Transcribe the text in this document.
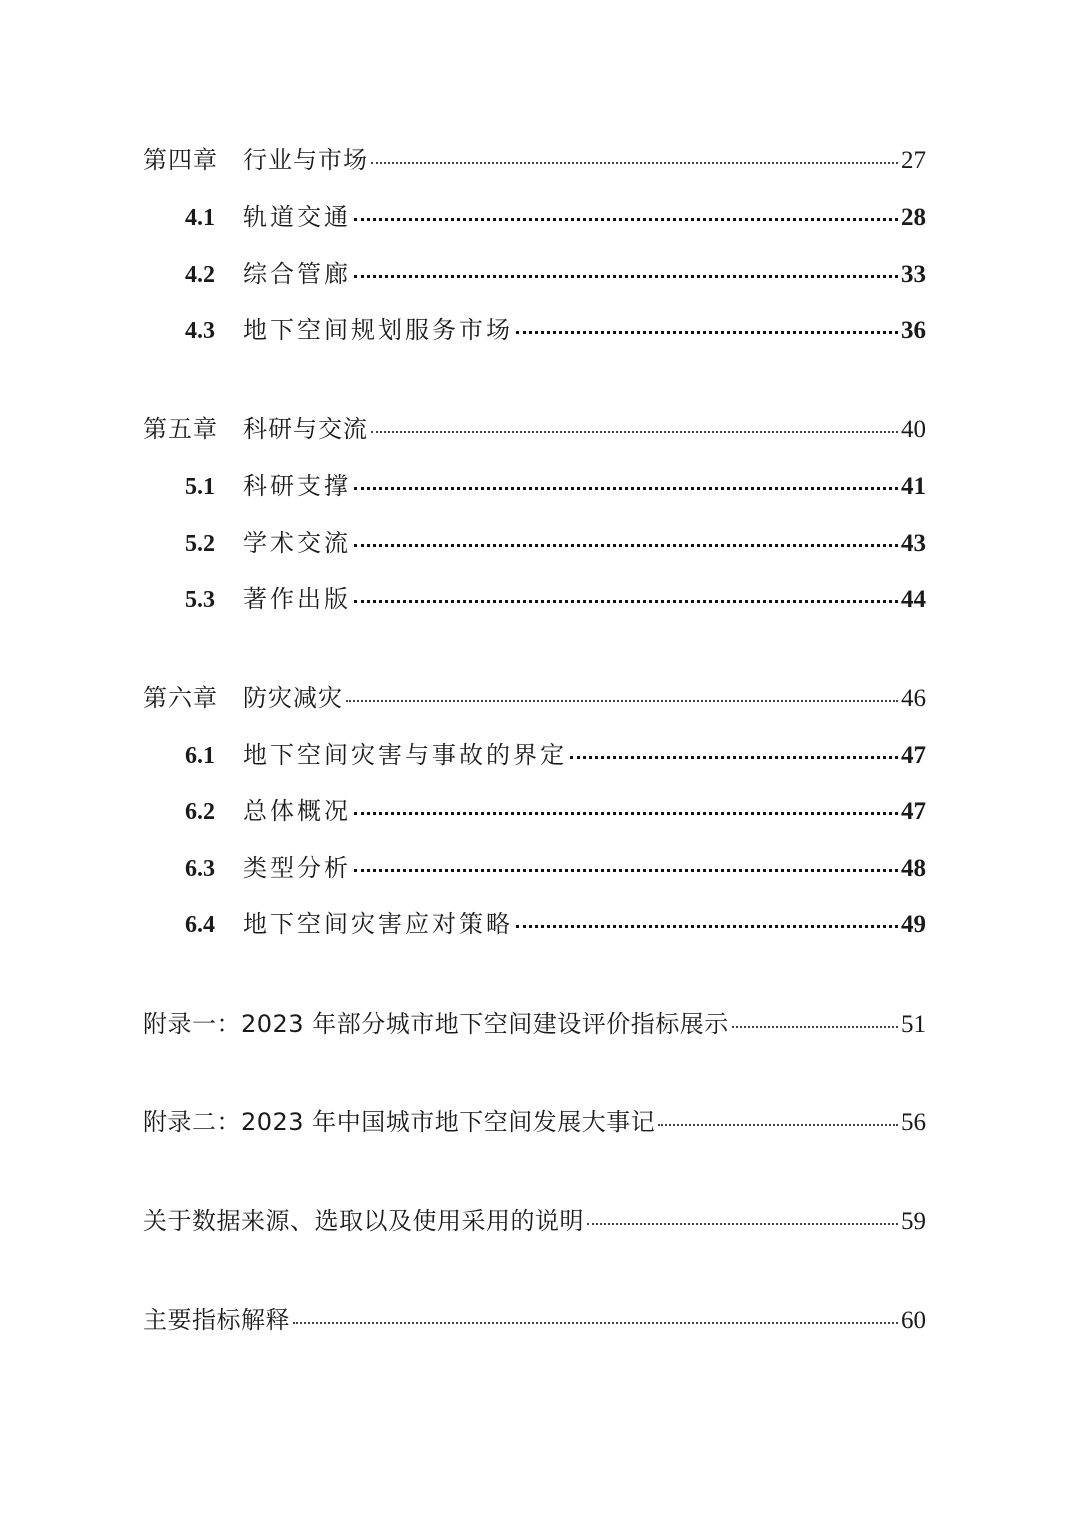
第四章	行业与市场	27
4.1	轨道交通	28
4.2	综合管廊	33
4.3	地下空间规划服务市场	36
第五章	科研与交流	40
5.1	科研支撑	41
5.2	学术交流	43
5.3	著作出版	44
第六章	防灾减灾	46
6.1	地下空间灾害与事故的界定	47
6.2	总体概况	47
6.3	类型分析	48
6.4	地下空间灾害应对策略	49
附录一：2023 年部分城市地下空间建设评价指标展示	51
附录二：2023 年中国城市地下空间发展大事记	56
关于数据来源、选取以及使用采用的说明	59
主要指标解释	60
